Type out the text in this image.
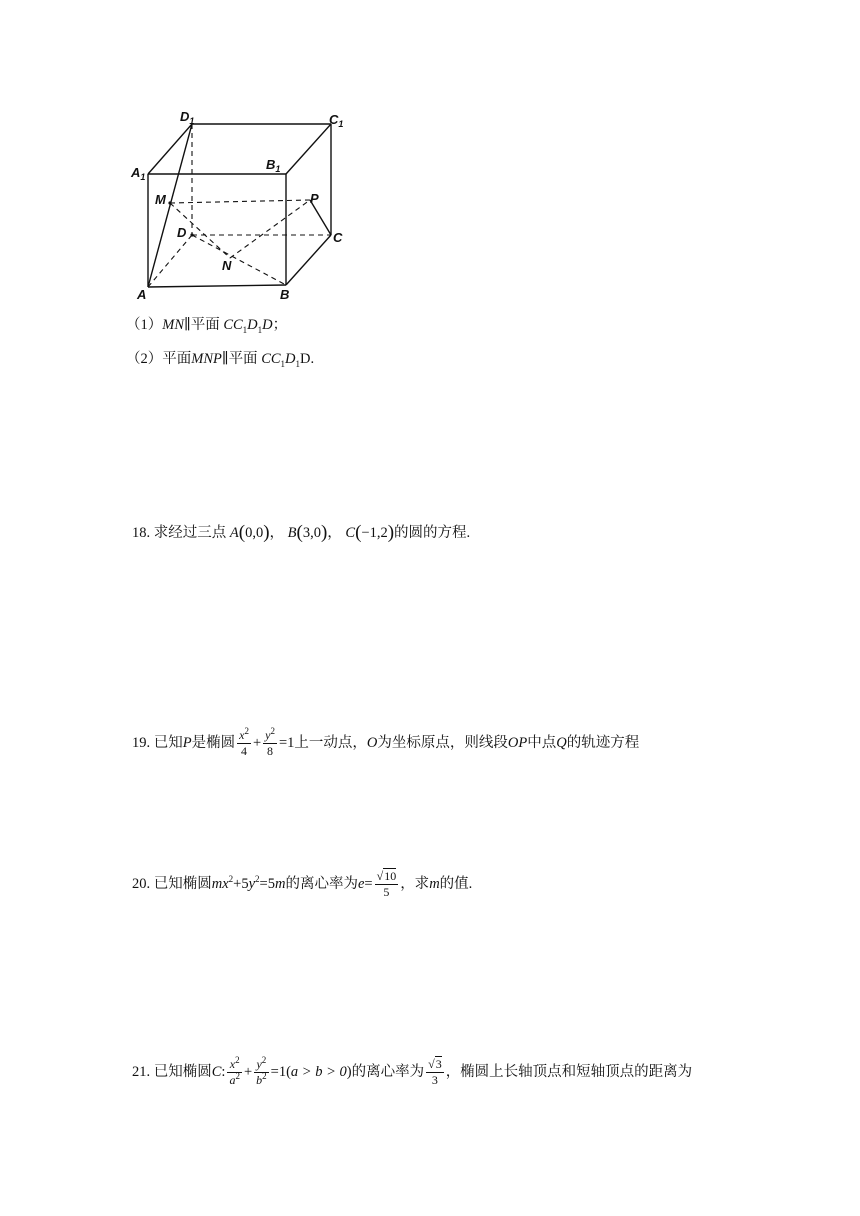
$D_1$	$C_1$
$A_1$
$B_1$
M	P
D	C
N
A	B
（1）MN∥平面 $CC_1D_1D$；
（2）平面MNP∥平面 $CC_1D_1D$.
18. 求经过三点 A(0,0)， B(3,0)， C(−1,2)的圆的方程.
19. 已知P是椭圆 $\frac{x^2}{4} + \frac{y^2}{8} =1$上一动点，O为坐标原点，则线段OP中点Q的轨迹方程
20. 已知椭圆$mx^2+5y^2=5m$的离心率为$e= \frac{√10}{5}$ ，求m的值.
21. 已知椭圆C: $\frac{x^2}{a^2} + \frac{y^2}{b^2} =1(a > b > 0)$的离心率为 $\frac{√3}{3}$ ，椭圆上长轴顶点和短轴顶点的距离为
